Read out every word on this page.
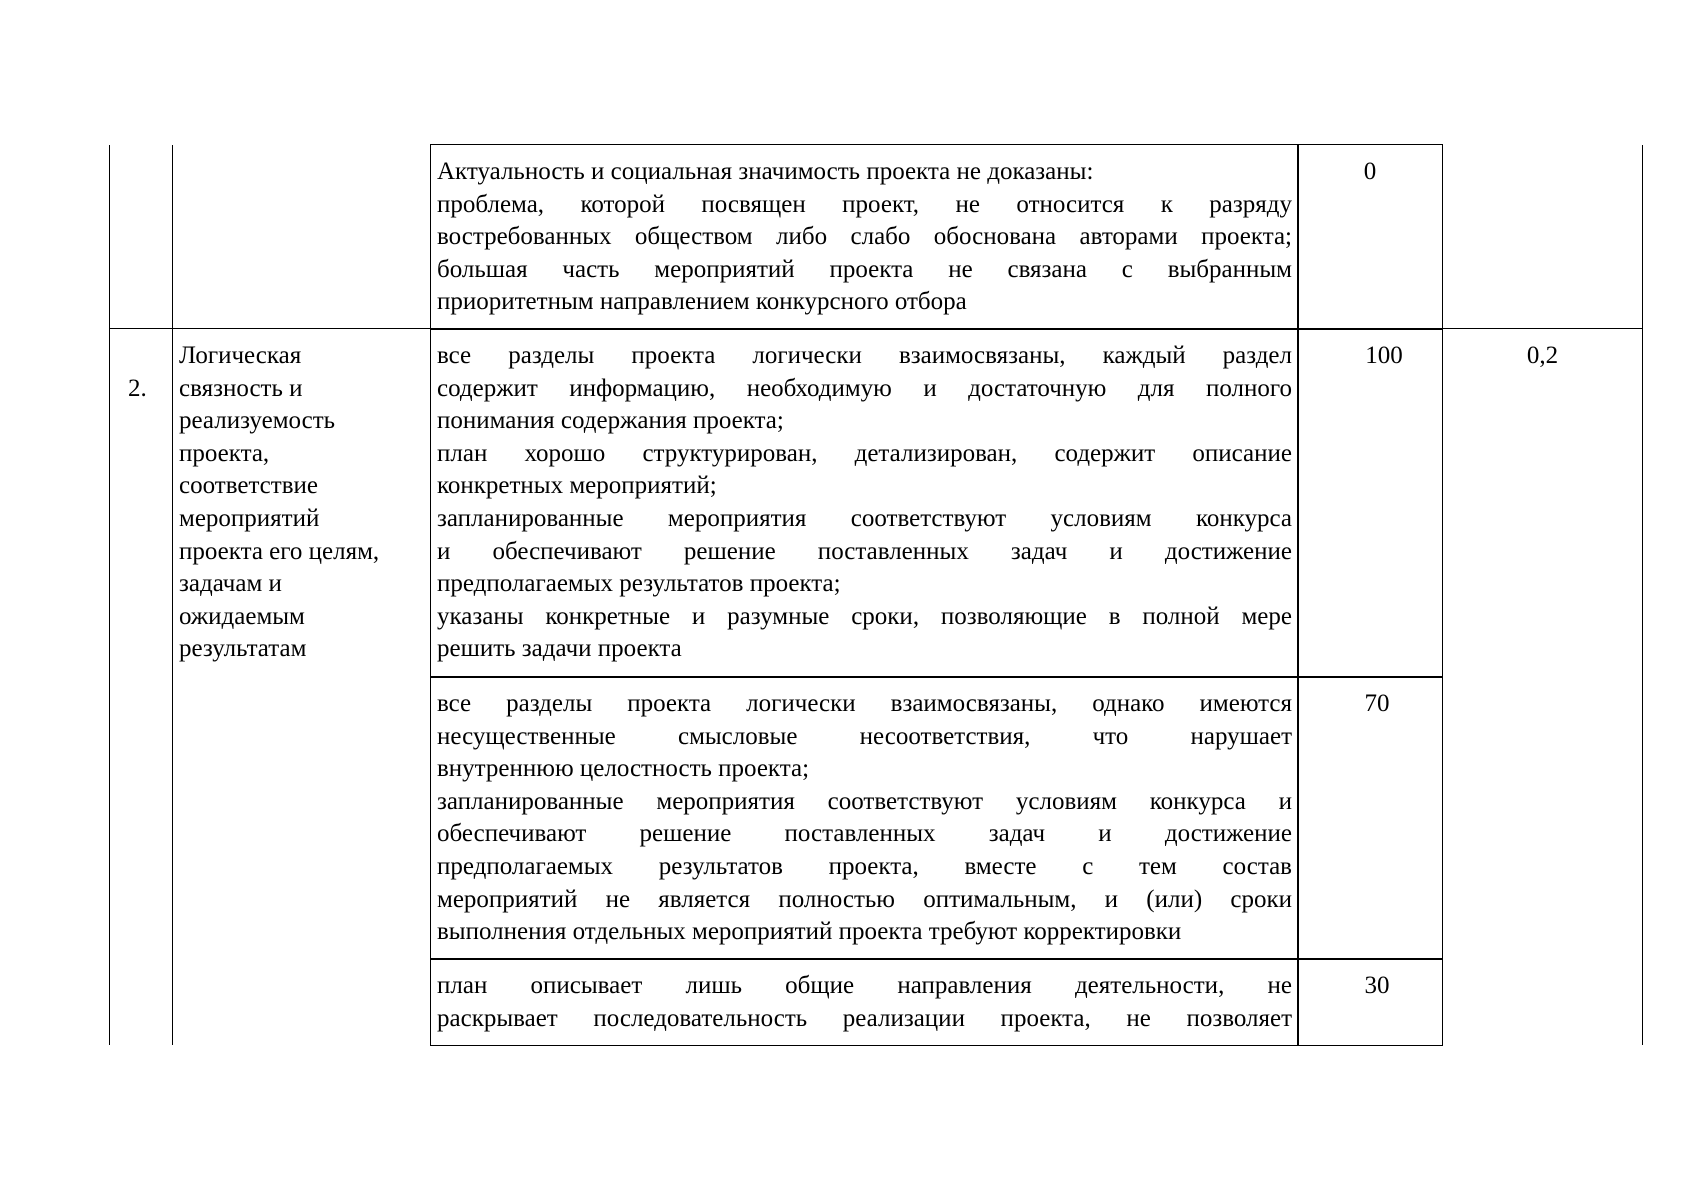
Актуальность и социальная значимость проекта не доказаны:
проблема, которой посвящен проект, не относится к разряду
востребованных обществом либо слабо обоснована авторами проекта;
большая часть мероприятий проекта не связана с выбранным
приоритетным направлением конкурсного отбора
0
2.
Логическая
связность и
реализуемость
проекта,
соответствие
мероприятий
проекта его целям,
задачам и
ожидаемым
результатам
0,2
все разделы проекта логически взаимосвязаны, каждый раздел
содержит информацию, необходимую и достаточную для полного
понимания содержания проекта;
план хорошо структурирован, детализирован, содержит описание
конкретных мероприятий;
запланированные мероприятия соответствуют условиям конкурса
и обеспечивают решение поставленных задач и достижение
предполагаемых результатов проекта;
указаны конкретные и разумные сроки, позволяющие в полной мере
решить задачи проекта
100
все разделы проекта логически взаимосвязаны, однако имеются
несущественные смысловые несоответствия, что нарушает
внутреннюю целостность проекта;
запланированные мероприятия соответствуют условиям конкурса и
обеспечивают решение поставленных задач и достижение
предполагаемых результатов проекта, вместе с тем состав
мероприятий не является полностью оптимальным, и (или) сроки
выполнения отдельных мероприятий проекта требуют корректировки
70
план описывает лишь общие направления деятельности, не
раскрывает последовательность реализации проекта, не позволяет
30
